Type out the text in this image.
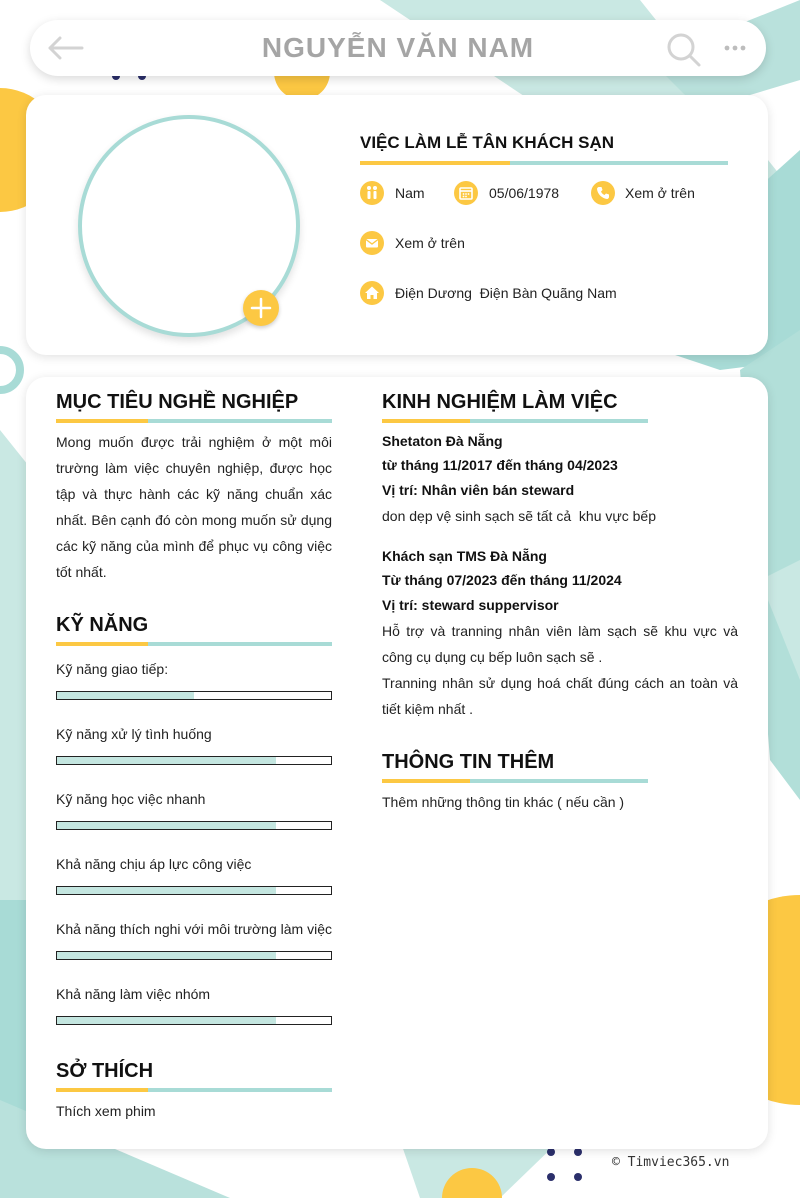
NGUYỄN VĂN NAM
VIỆC LÀM LỄ TÂN KHÁCH SẠN
Nam	05/06/1978	Xem ở trên
Xem ở trên
Điện Dương  Điện Bàn Quãng Nam
MỤC TIÊU NGHỀ NGHIỆP
Mong muốn được trải nghiệm ở một môi
trường làm việc chuyên nghiệp, được học
tập và thực hành các kỹ năng chuẩn xác
nhất. Bên cạnh đó còn mong muốn sử dụng
các kỹ năng của mình để phục vụ công việc
tốt nhất.
KỸ NĂNG
Kỹ năng giao tiếp:
Kỹ năng xử lý tình huống
Kỹ năng học việc nhanh
Khả năng chịu áp lực công việc
Khả năng thích nghi với môi trường làm việc
Khả năng làm việc nhóm
SỞ THÍCH
Thích xem phim
KINH NGHIỆM LÀM VIỆC
Shetaton Đà Nẵng
từ tháng 11/2017 đến tháng 04/2023
Vị trí: Nhân viên bán steward
don dẹp vệ sinh sạch sẽ tất cả  khu vực bếp
Khách sạn TMS Đà Nẵng
Từ tháng 07/2023 đến tháng 11/2024
Vị trí: steward suppervisor
Hỗ trợ và tranning nhân viên làm sạch sẽ khu vực và
công cụ dụng cụ bếp luôn sạch sẽ .
Tranning nhân sử dụng hoá chất đúng cách an toàn và
tiết kiệm nhất .
THÔNG TIN THÊM
Thêm những thông tin khác ( nếu cần )
© Timviec365.vn
